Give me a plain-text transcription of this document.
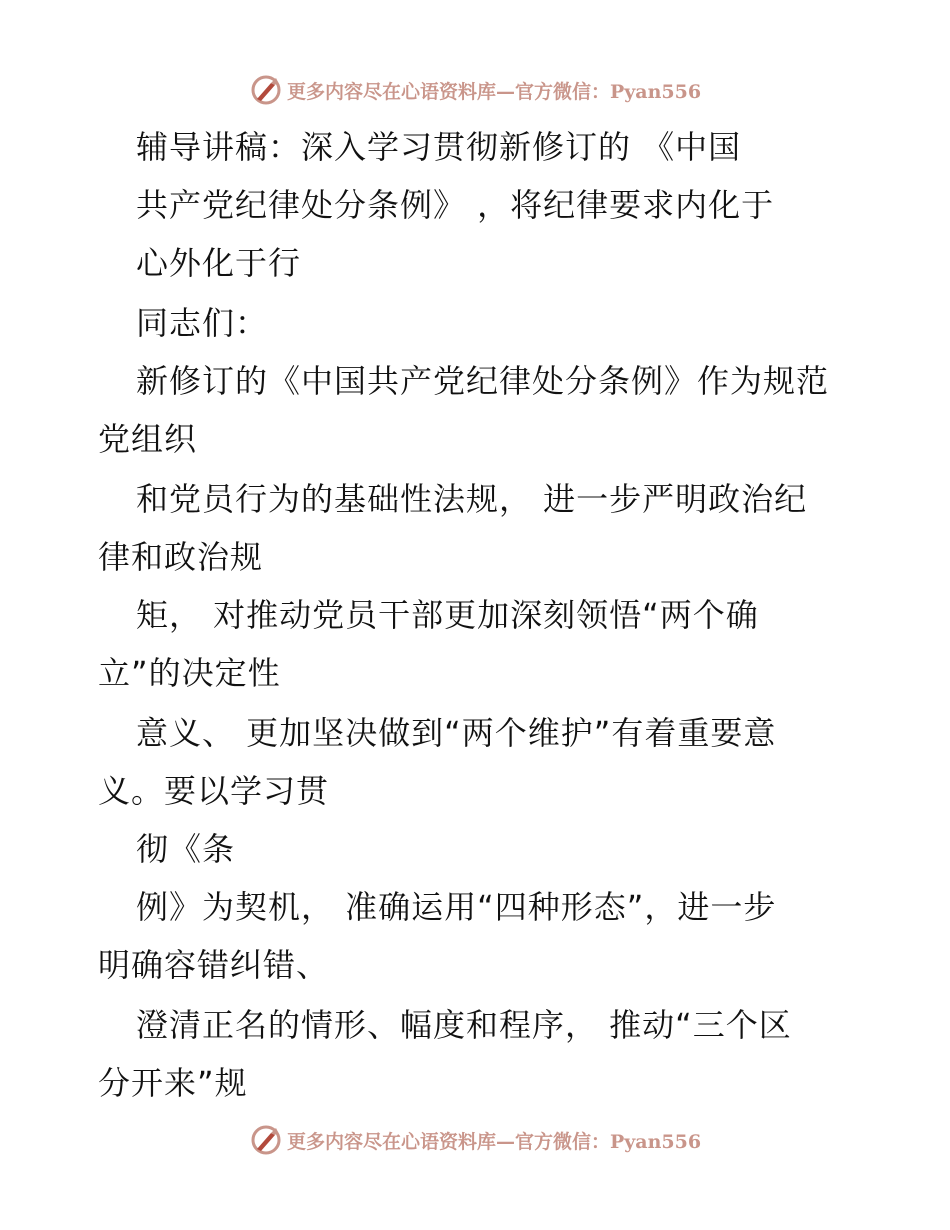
更多内容尽在心语资料库—官方微信：Pyan556
辅导讲稿：深入学习贯彻新修订的 《中国
共产党纪律处分条例》 ，将纪律要求内化于
心外化于行
同志们：
新修订的《中国共产党纪律处分条例》作为规范
党组织
和党员行为的基础性法规， 进一步严明政治纪
律和政治规
矩， 对推动党员干部更加深刻领悟“两个确
立”的决定性
意义、 更加坚决做到“两个维护”有着重要意
义。要以学习贯
彻《条
例》为契机， 准确运用“四种形态”，进一步
明确容错纠错、
澄清正名的情形、幅度和程序， 推动“三个区
分开来”规
更多内容尽在心语资料库—官方微信：Pyan556
